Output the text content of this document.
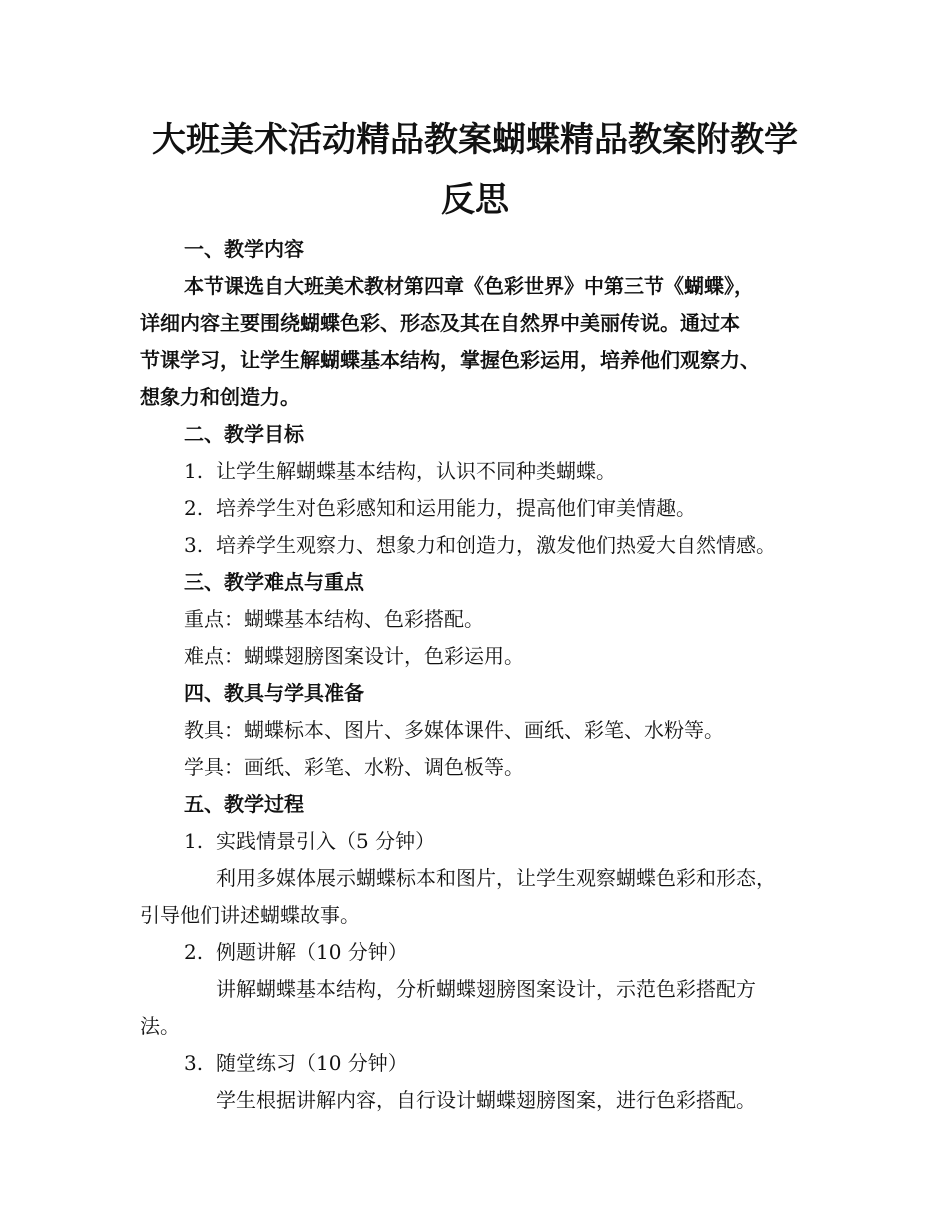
大班美术活动精品教案蝴蝶精品教案附教学
反思
一、教学内容
本节课选自大班美术教材第四章《色彩世界》中第三节《蝴蝶》，
详细内容主要围绕蝴蝶色彩、形态及其在自然界中美丽传说。通过本
节课学习，让学生解蝴蝶基本结构，掌握色彩运用，培养他们观察力、
想象力和创造力。
二、教学目标
1. 让学生解蝴蝶基本结构，认识不同种类蝴蝶。
2. 培养学生对色彩感知和运用能力，提高他们审美情趣。
3. 培养学生观察力、想象力和创造力，激发他们热爱大自然情感。
三、教学难点与重点
重点：蝴蝶基本结构、色彩搭配。
难点：蝴蝶翅膀图案设计，色彩运用。
四、教具与学具准备
教具：蝴蝶标本、图片、多媒体课件、画纸、彩笔、水粉等。
学具：画纸、彩笔、水粉、调色板等。
五、教学过程
1. 实践情景引入（5 分钟）
利用多媒体展示蝴蝶标本和图片，让学生观察蝴蝶色彩和形态，
引导他们讲述蝴蝶故事。
2. 例题讲解（10 分钟）
讲解蝴蝶基本结构，分析蝴蝶翅膀图案设计，示范色彩搭配方
法。
3. 随堂练习（10 分钟）
学生根据讲解内容，自行设计蝴蝶翅膀图案，进行色彩搭配。
